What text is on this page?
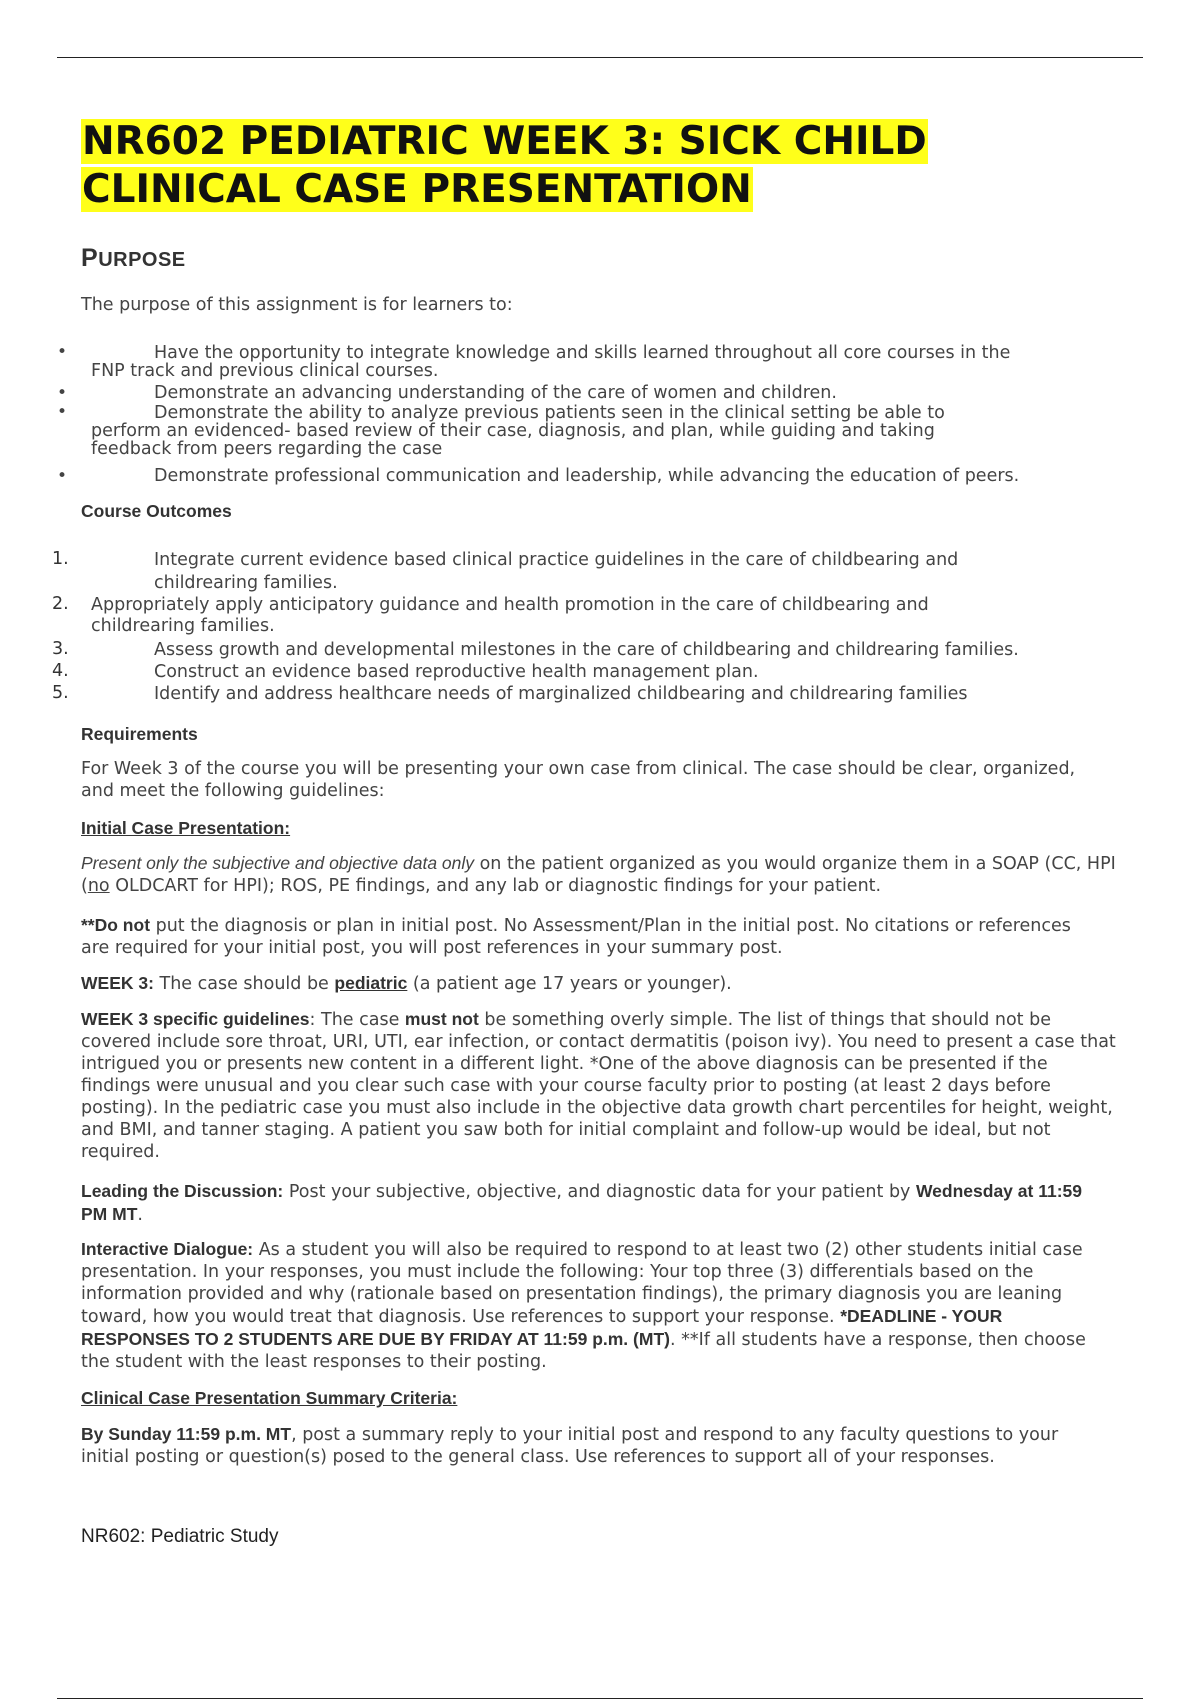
NR602 PEDIATRIC WEEK 3: SICK CHILD
CLINICAL CASE PRESENTATION
PURPOSE
The purpose of this assignment is for learners to:
•	Have the opportunity to integrate knowledge and skills learned throughout all core courses in the
FNP track and previous clinical courses.
•	Demonstrate an advancing understanding of the care of women and children.
•	Demonstrate the ability to analyze previous patients seen in the clinical setting be able to
perform an evidenced- based review of their case, diagnosis, and plan, while guiding and taking
feedback from peers regarding the case
•	Demonstrate professional communication and leadership, while advancing the education of peers.
Course Outcomes
1.	Integrate current evidence based clinical practice guidelines in the care of childbearing and
childrearing families.
2. Appropriately apply anticipatory guidance and health promotion in the care of childbearing and
childrearing families.
3.	Assess growth and developmental milestones in the care of childbearing and childrearing families.
4.	Construct an evidence based reproductive health management plan.
5.	Identify and address healthcare needs of marginalized childbearing and childrearing families
Requirements
For Week 3 of the course you will be presenting your own case from clinical. The case should be clear, organized, and meet the following guidelines:
Initial Case Presentation:
Present only the subjective and objective data only on the patient organized as you would organize them in a SOAP (CC, HPI (no OLDCART for HPI); ROS, PE findings, and any lab or diagnostic findings for your patient.
**Do not put the diagnosis or plan in initial post. No Assessment/Plan in the initial post. No citations or references are required for your initial post, you will post references in your summary post.
WEEK 3: The case should be pediatric (a patient age 17 years or younger).
WEEK 3 specific guidelines: The case must not be something overly simple. The list of things that should not be covered include sore throat, URI, UTI, ear infection, or contact dermatitis (poison ivy). You need to present a case that intrigued you or presents new content in a different light. *One of the above diagnosis can be presented if the findings were unusual and you clear such case with your course faculty prior to posting (at least 2 days before posting). In the pediatric case you must also include in the objective data growth chart percentiles for height, weight, and BMI, and tanner staging. A patient you saw both for initial complaint and follow-up would be ideal, but not required.
Leading the Discussion: Post your subjective, objective, and diagnostic data for your patient by Wednesday at 11:59 PM MT.
Interactive Dialogue: As a student you will also be required to respond to at least two (2) other students initial case presentation. In your responses, you must include the following: Your top three (3) differentials based on the information provided and why (rationale based on presentation findings), the primary diagnosis you are leaning toward, how you would treat that diagnosis. Use references to support your response. *DEADLINE - YOUR RESPONSES TO 2 STUDENTS ARE DUE BY FRIDAY AT 11:59 p.m. (MT). **If all students have a response, then choose the student with the least responses to their posting.
Clinical Case Presentation Summary Criteria:
By Sunday 11:59 p.m. MT, post a summary reply to your initial post and respond to any faculty questions to your initial posting or question(s) posed to the general class. Use references to support all of your responses.
NR602: Pediatric Study
